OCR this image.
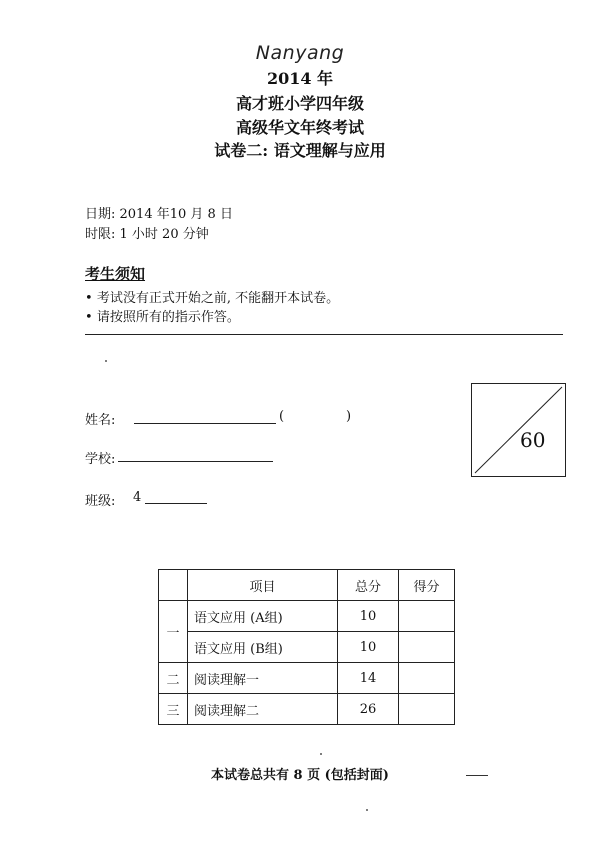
Nanyang
2014 年
高才班小学四年级
高级华文年终考试
试卷二: 语文理解与应用
日期: 2014 年10 月 8 日
时限: 1 小时 20 分钟
考生须知
• 考试没有正式开始之前, 不能翻开本试卷。
• 请按照所有的指示作答。
姓名:	(	)
学校:
班级: 4
60
	项目	总分	得分
一	语文应用 (A组)	10	
	语文应用 (B组)	10	
二	阅读理解一	14	
三	阅读理解二	26	
本试卷总共有 8 页 (包括封面)
